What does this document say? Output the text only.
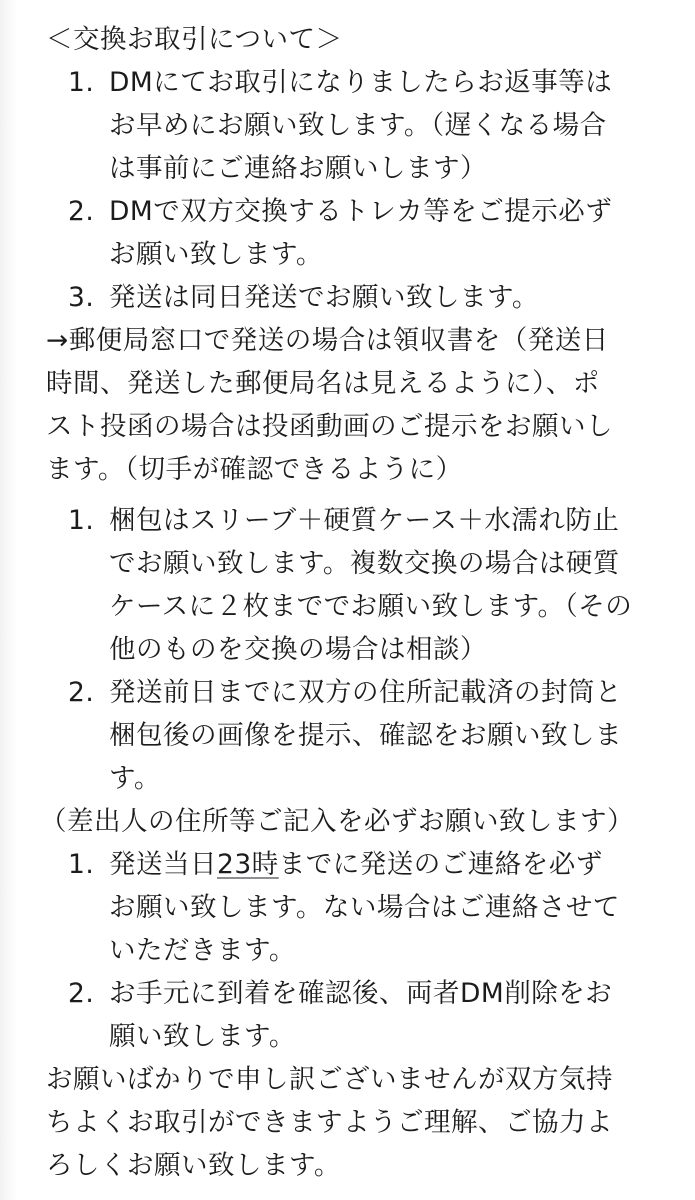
＜交換お取引について＞
1. DMにてお取引になりましたらお返事等は
お早めにお願い致します。（遅くなる場合
は事前にご連絡お願いします）
2. DMで双方交換するトレカ等をご提示必ず
お願い致します。
3. 発送は同日発送でお願い致します。
→郵便局窓口で発送の場合は領収書を（発送日
時間、発送した郵便局名は見えるように）、ポ
スト投函の場合は投函動画のご提示をお願いし
ます。（切手が確認できるように）
1. 梱包はスリーブ＋硬質ケース＋水濡れ防止
でお願い致します。複数交換の場合は硬質
ケースに２枚まででお願い致します。（その
他のものを交換の場合は相談）
2. 発送前日までに双方の住所記載済の封筒と
梱包後の画像を提示、確認をお願い致しま
す。
（差出人の住所等ご記入を必ずお願い致します）
1. 発送当日23時までに発送のご連絡を必ず
お願い致します。ない場合はご連絡させて
いただきます。
2. お手元に到着を確認後、両者DM削除をお
願い致します。
お願いばかりで申し訳ございませんが双方気持
ちよくお取引ができますようご理解、ご協力よ
ろしくお願い致します。
